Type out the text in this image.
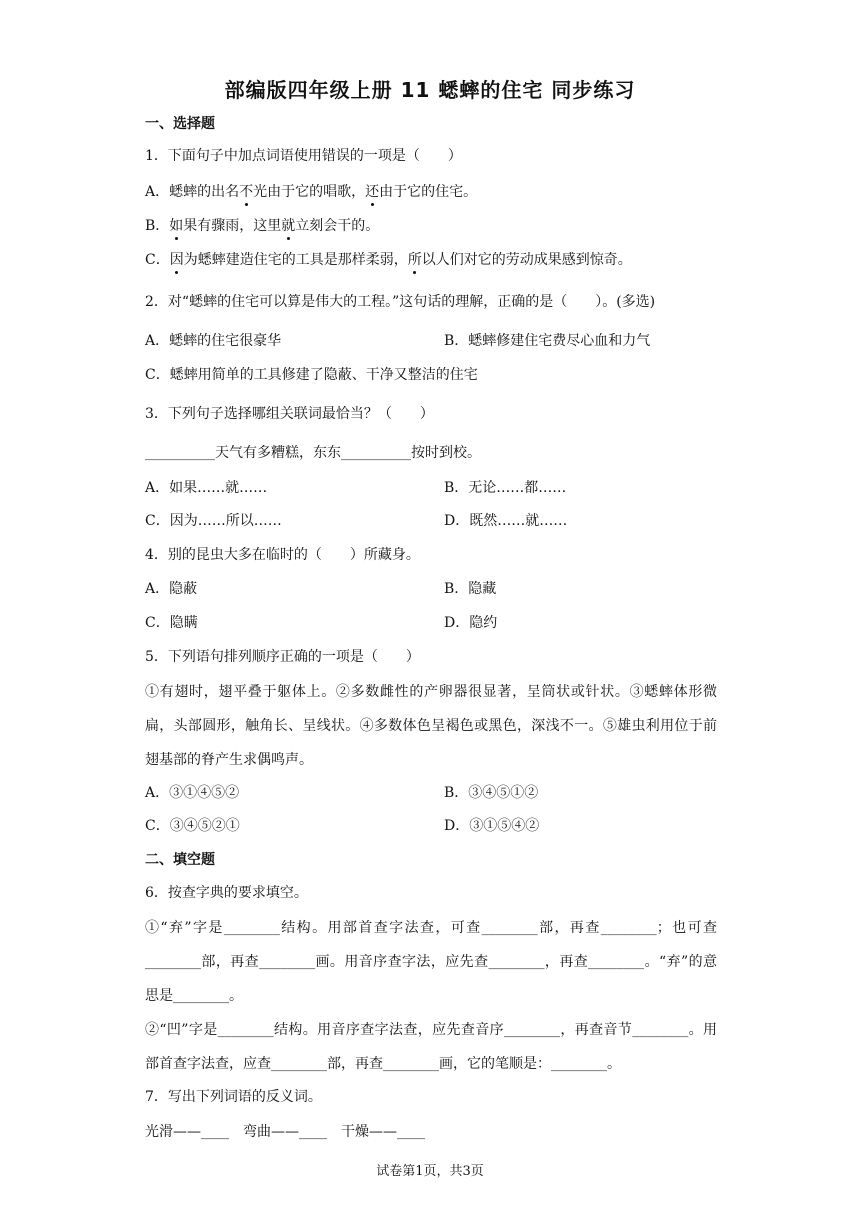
部编版四年级上册 11 蟋蟀的住宅 同步练习
一、选择题
1．下面句子中加点词语使用错误的一项是（　　）
A．蟋蟀的出名不光由于它的唱歌，还由于它的住宅。
B．如果有骤雨，这里就立刻会干的。
C．因为蟋蟀建造住宅的工具是那样柔弱，所以人们对它的劳动成果感到惊奇。
2．对“蟋蟀的住宅可以算是伟大的工程。”这句话的理解，正确的是（　　）。(多选)
A．蟋蟀的住宅很豪华	B．蟋蟀修建住宅费尽心血和力气
C．蟋蟀用简单的工具修建了隐蔽、干净又整洁的住宅
3．下列句子选择哪组关联词最恰当？（　　）
__________天气有多糟糕，东东__________按时到校。
A．如果……就……	B．无论……都……
C．因为……所以……	D．既然……就……
4．别的昆虫大多在临时的（　　）所藏身。
A．隐蔽	B．隐藏
C．隐瞒	D．隐约
5．下列语句排列顺序正确的一项是（　　）
①有翅时，翅平叠于躯体上。②多数雌性的产卵器很显著，呈筒状或针状。③蟋蟀体形微扁，头部圆形，触角长、呈线状。④多数体色呈褐色或黑色，深浅不一。⑤雄虫利用位于前翅基部的脊产生求偶鸣声。
A．③①④⑤②	B．③④⑤①②
C．③④⑤②①	D．③①⑤④②
二、填空题
6．按查字典的要求填空。
①“弃”字是________结构。用部首查字法查，可查________部，再查________；也可查________部，再查________画。用音序查字法，应先查________，再查________。“弃”的意思是________。
②“凹”字是________结构。用音序查字法查，应先查音序________，再查音节________。用部首查字法查，应查________部，再查________画，它的笔顺是：________。
7．写出下列词语的反义词。
光滑——____　弯曲——____　干燥——____
试卷第1页，共3页
